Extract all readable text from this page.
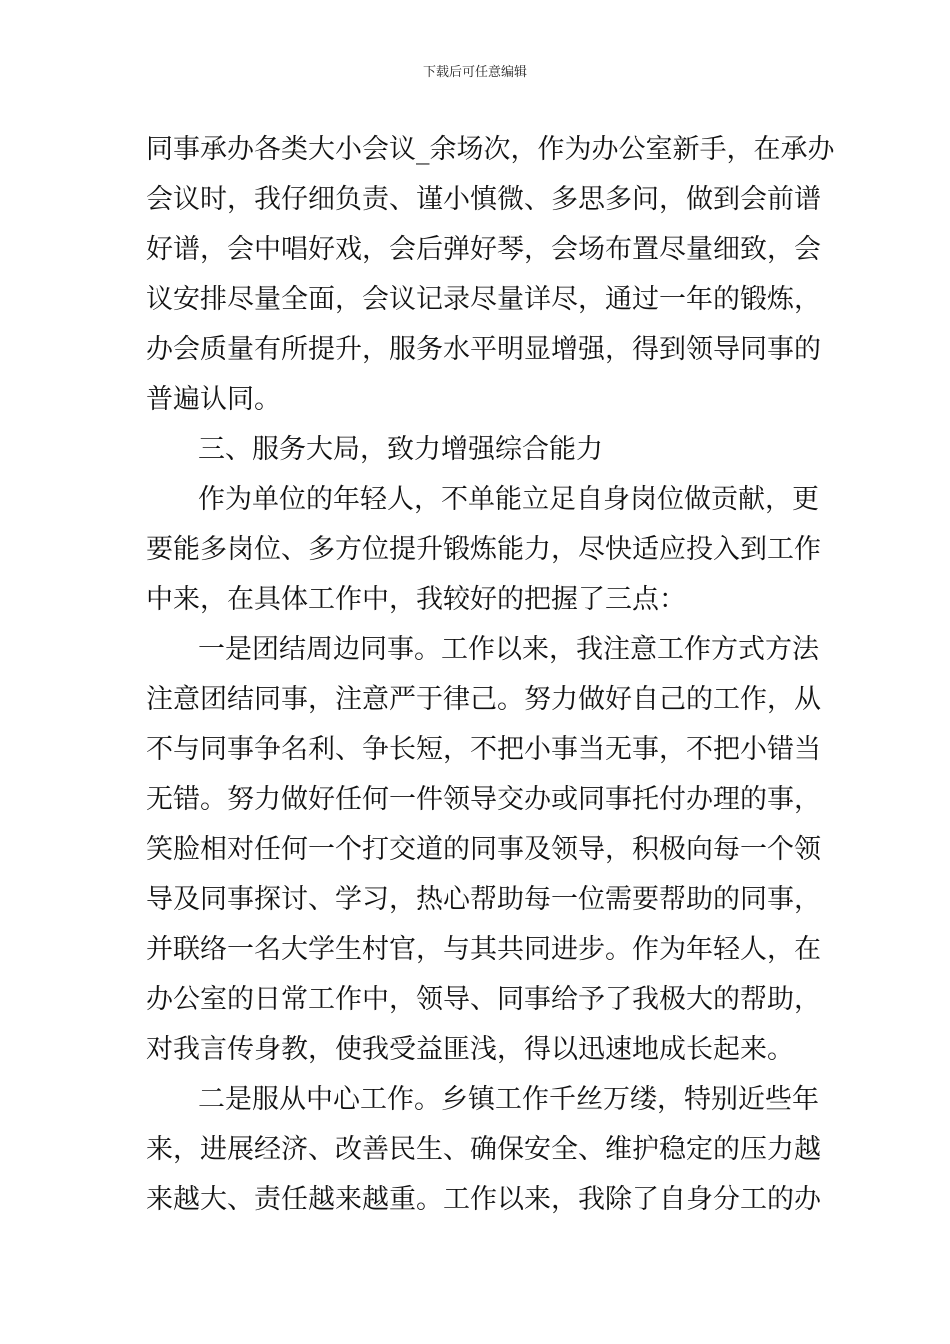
下载后可任意编辑
同事承办各类大小会议_余场次，作为办公室新手，在承办
会议时，我仔细负责、谨小慎微、多思多问，做到会前谱
好谱，会中唱好戏，会后弹好琴，会场布置尽量细致，会
议安排尽量全面，会议记录尽量详尽，通过一年的锻炼，
办会质量有所提升，服务水平明显增强，得到领导同事的
普遍认同。
三、服务大局，致力增强综合能力
作为单位的年轻人，不单能立足自身岗位做贡献，更
要能多岗位、多方位提升锻炼能力，尽快适应投入到工作
中来，在具体工作中，我较好的把握了三点：
一是团结周边同事。工作以来，我注意工作方式方法
注意团结同事，注意严于律己。努力做好自己的工作，从
不与同事争名利、争长短，不把小事当无事，不把小错当
无错。努力做好任何一件领导交办或同事托付办理的事，
笑脸相对任何一个打交道的同事及领导，积极向每一个领
导及同事探讨、学习，热心帮助每一位需要帮助的同事，
并联络一名大学生村官，与其共同进步。作为年轻人，在
办公室的日常工作中，领导、同事给予了我极大的帮助，
对我言传身教，使我受益匪浅，得以迅速地成长起来。
二是服从中心工作。乡镇工作千丝万缕，特别近些年
来，进展经济、改善民生、确保安全、维护稳定的压力越
来越大、责任越来越重。工作以来，我除了自身分工的办
